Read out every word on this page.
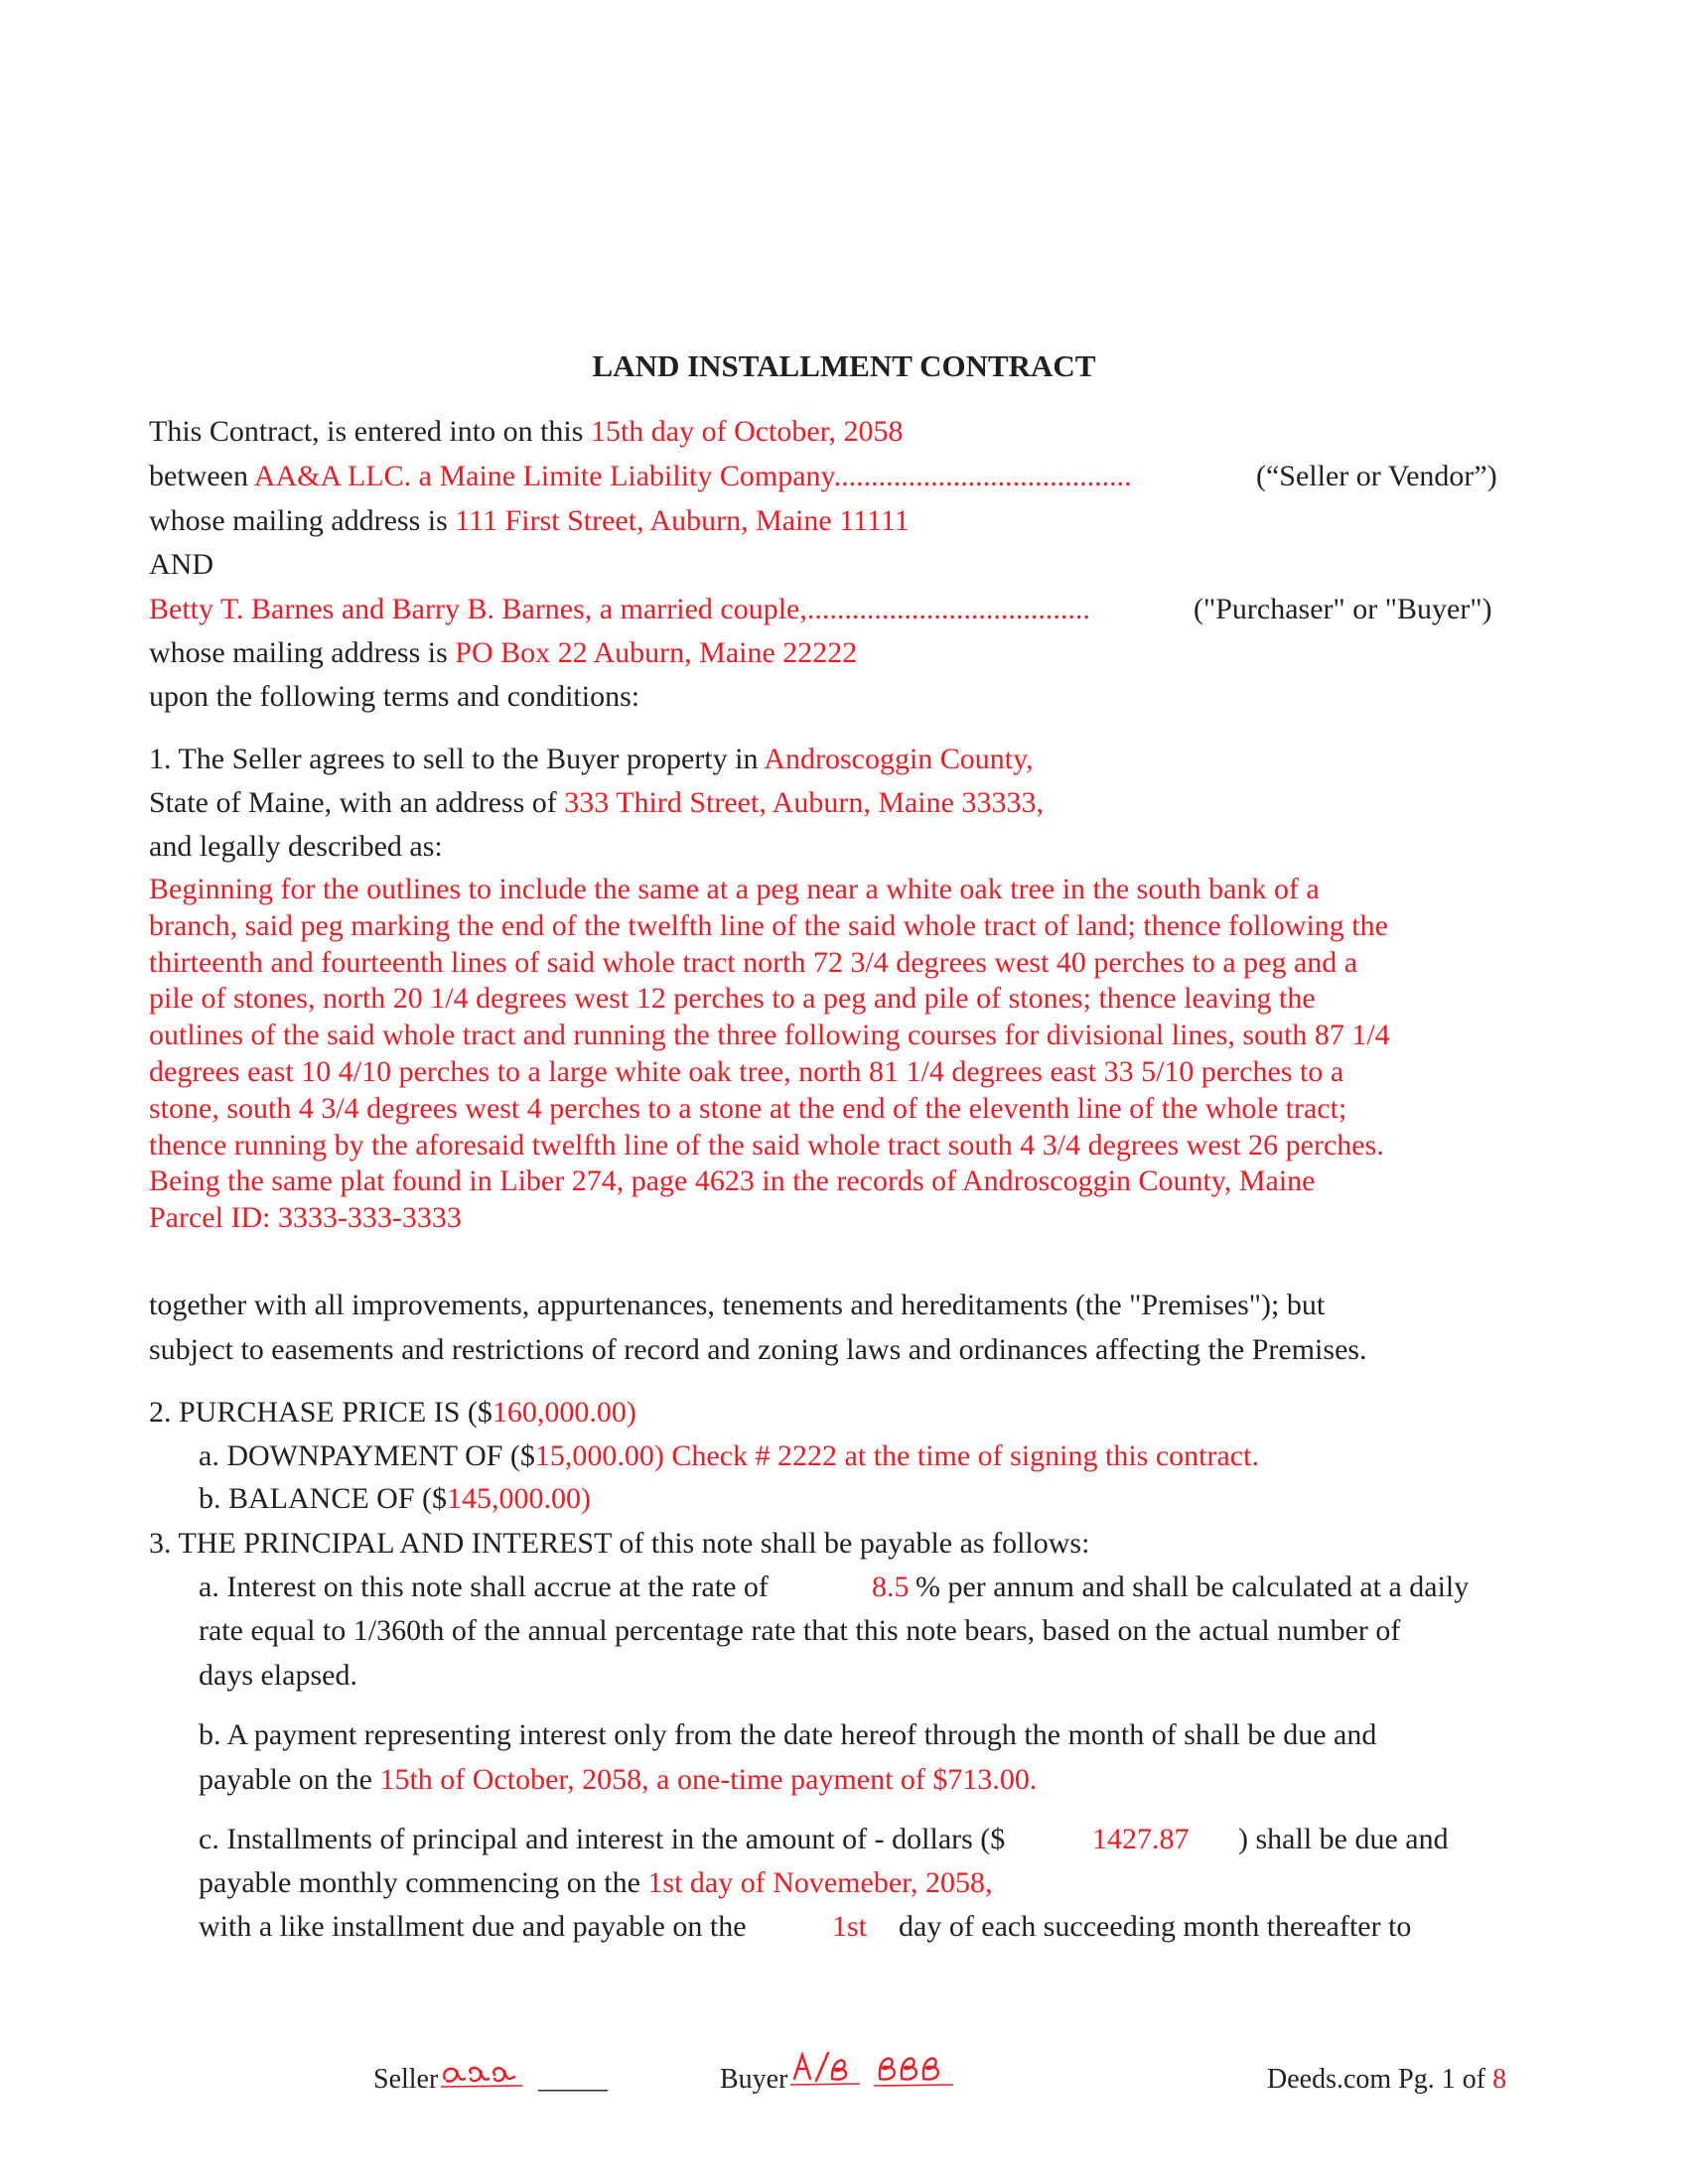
LAND INSTALLMENT CONTRACT
This Contract, is entered into on this 15th day of October, 2058
between AA&A LLC. a Maine Limite Liability Company........................................	(“Seller or Vendor”)
whose mailing address is 111 First Street, Auburn, Maine 11111
AND
Betty T. Barnes and Barry B. Barnes, a married couple,......................................	("Purchaser" or "Buyer")
whose mailing address is PO Box 22 Auburn, Maine 22222
upon the following terms and conditions:
1. The Seller agrees to sell to the Buyer property in Androscoggin County,
State of Maine, with an address of 333 Third Street, Auburn, Maine 33333,
and legally described as:
Beginning for the outlines to include the same at a peg near a white oak tree in the south bank of a
branch, said peg marking the end of the twelfth line of the said whole tract of land; thence following the
thirteenth and fourteenth lines of said whole tract north 72 3/4 degrees west 40 perches to a peg and a
pile of stones, north 20 1/4 degrees west 12 perches to a peg and pile of stones; thence leaving the
outlines of the said whole tract and running the three following courses for divisional lines, south 87 1/4
degrees east 10 4/10 perches to a large white oak tree, north 81 1/4 degrees east 33 5/10 perches to a
stone, south 4 3/4 degrees west 4 perches to a stone at the end of the eleventh line of the whole tract;
thence running by the aforesaid twelfth line of the said whole tract south 4 3/4 degrees west 26 perches.
Being the same plat found in Liber 274, page 4623 in the records of Androscoggin County, Maine
Parcel ID: 3333-333-3333
together with all improvements, appurtenances, tenements and hereditaments (the "Premises"); but
subject to easements and restrictions of record and zoning laws and ordinances affecting the Premises.
2. PURCHASE PRICE IS ($160,000.00)
a. DOWNPAYMENT OF ($15,000.00) Check # 2222 at the time of signing this contract.
b. BALANCE OF ($145,000.00)
3. THE PRINCIPAL AND INTEREST of this note shall be payable as follows:
a. Interest on this note shall accrue at the rate of	8.5 % per annum and shall be calculated at a daily
rate equal to 1/360th of the annual percentage rate that this note bears, based on the actual number of
days elapsed.
b. A payment representing interest only from the date hereof through the month of shall be due and
payable on the 15th of October, 2058, a one-time payment of $713.00.
c. Installments of principal and interest in the amount of - dollars ($	1427.87 ) shall be due and
payable monthly commencing on the 1st day of Novemeber, 2058,
with a like installment due and payable on the	1st day of each succeeding month thereafter to
Seller	_____	Buyer	Deeds.com Pg. 1 of 8
